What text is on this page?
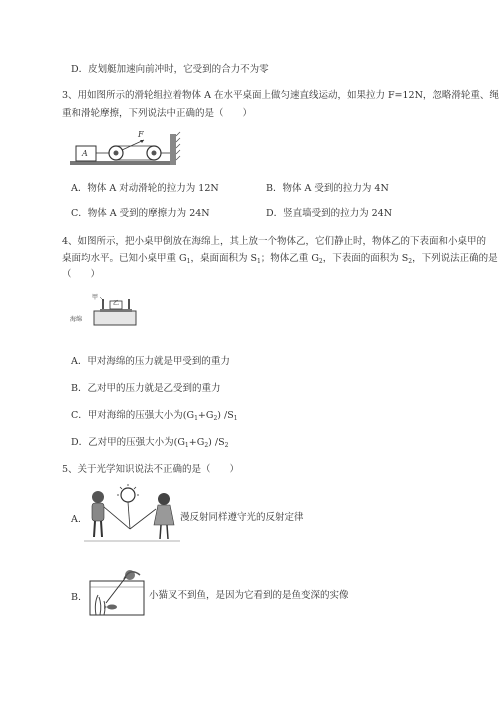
D．皮划艇加速向前冲时，它受到的合力不为零
3、用如图所示的滑轮组拉着物体 A 在水平桌面上做匀速直线运动，如果拉力 F=12N，忽略滑轮重、绳
重和滑轮摩擦，下列说法中正确的是（　　）
A
F
A．物体 A 对动滑轮的拉力为 12N	B．物体 A 受到的拉力为 4N
C．物体 A 受到的摩擦力为 24N	D．竖直墙受到的拉力为 24N
4、如图所示，把小桌甲倒放在海绵上，其上放一个物体乙，它们静止时，物体乙的下表面和小桌甲的
桌面均水平。已知小桌甲重 $G_1$，桌面面积为 $S_1$；物体乙重 $G_2$，下表面的面积为 $S_2$，下列说法正确的是
（　　）
甲
乙
海绵
A．甲对海绵的压力就是甲受到的重力
B．乙对甲的压力就是乙受到的重力
C．甲对海绵的压强大小为$(G_1+G_2)$ $/S_1$
D．乙对甲的压强大小为$(G_1+G_2)$ $/S_2$
5、关于光学知识说法不正确的是（　　）
A.	漫反射同样遵守光的反射定律
B.	小猫叉不到鱼，是因为它看到的是鱼变深的实像
